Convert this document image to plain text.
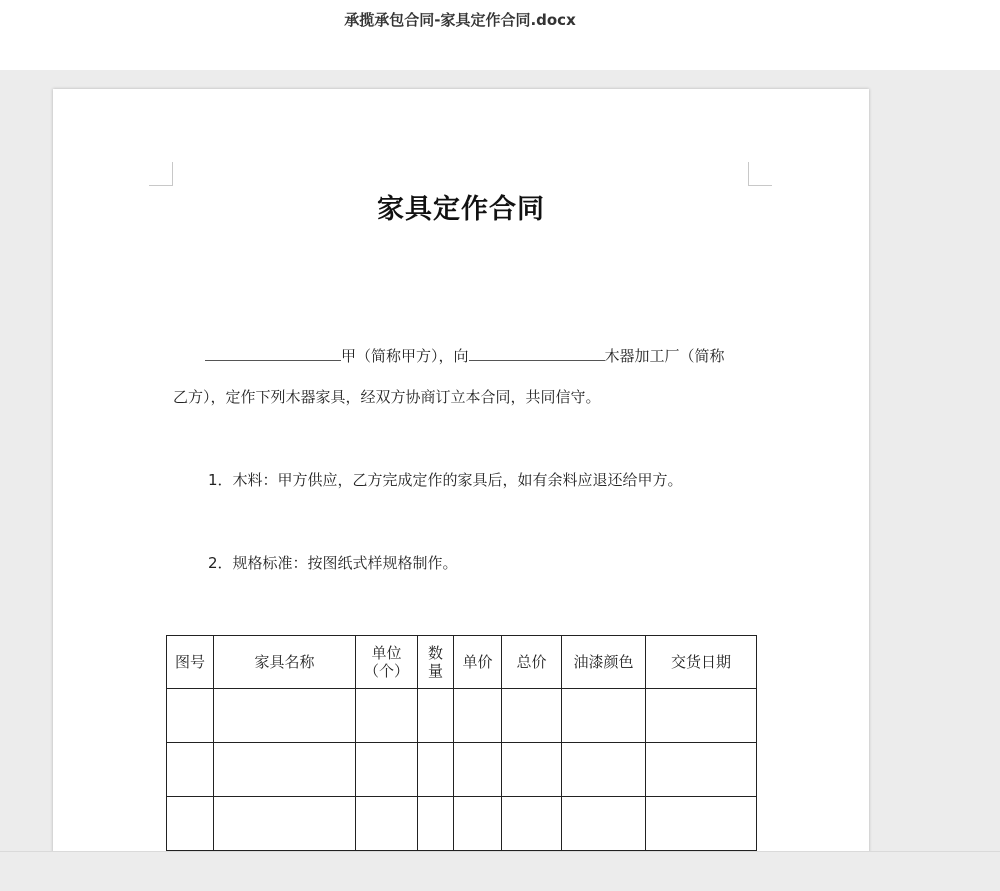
承揽承包合同-家具定作合同.docx
家具定作合同
甲（简称甲方），向	木器加工厂（简称
乙方），定作下列木器家具，经双方协商订立本合同，共同信守。
1．木料：甲方供应，乙方完成定作的家具后，如有余料应退还给甲方。
2．规格标准：按图纸式样规格制作。
图号	家具名称	单位
（个）	数
量	单价	总价	油漆颜色	交货日期
